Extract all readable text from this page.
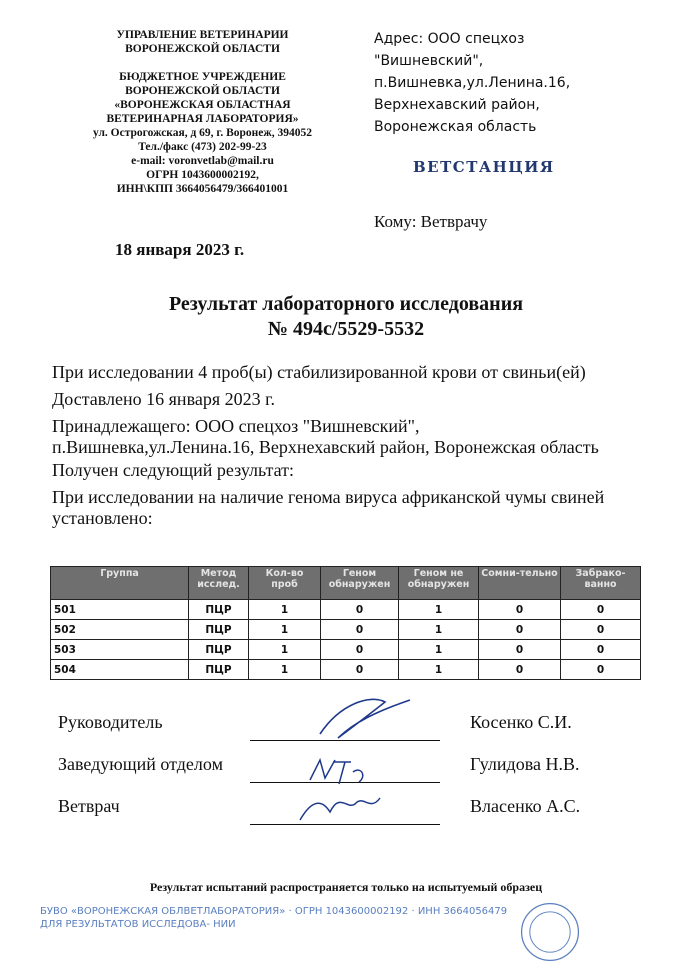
УПРАВЛЕНИЕ ВЕТЕРИНАРИИ
ВОРОНЕЖСКОЙ ОБЛАСТИ
БЮДЖЕТНОЕ УЧРЕЖДЕНИЕ
ВОРОНЕЖСКОЙ ОБЛАСТИ
«ВОРОНЕЖСКАЯ ОБЛАСТНАЯ
ВЕТЕРИНАРНАЯ ЛАБОРАТОРИЯ»
ул. Острогожская, д 69, г. Воронеж, 394052
Тел./факс (473) 202-99-23
e-mail: voronvetlab@mail.ru
ОГРН 1043600002192,
ИНН\КПП 3664056479/366401001
Адрес: ООО спецхоз
"Вишневский",
п.Вишневка,ул.Ленина.16,
Верхнехавский район,
Воронежская область
ВЕТСТАНЦИЯ
Кому: Ветврачу
18 января 2023 г.
Результат лабораторного исследования
№ 494с/5529-5532

При исследовании 4 проб(ы) стабилизированной крови от свиньи(ей)

Доставлено 16 января 2023 г.

Принадлежащего: ООО спецхоз "Вишневский", п.Вишневка,ул.Ленина.16, Верхнехавский район, Воронежская область

Получен следующий результат:

При исследовании на наличие генома вируса африканской чумы свиней установлено:

Группа	Метод исслед.	Кол-во проб	Геном обнаружен	Геном не обнаружен	Сомни-тельно	Забрако-ванно
501	ПЦР	1	0	1	0	0
502	ПЦР	1	0	1	0	0
503	ПЦР	1	0	1	0	0
504	ПЦР	1	0	1	0	0
Руководитель	Косенко С.И.
Заведующий отделом	Гулидова Н.В.
Ветврач	Власенко А.С.
Результат испытаний распространяется только на испытуемый образец
БУВО «ВОРОНЕЖСКАЯ ОБЛВЕТЛАБОРАТОРИЯ» · ОГРН 1043600002192 · ИНН 3664056479
ДЛЯ РЕЗУЛЬТАТОВ ИССЛЕДОВА- НИИ
